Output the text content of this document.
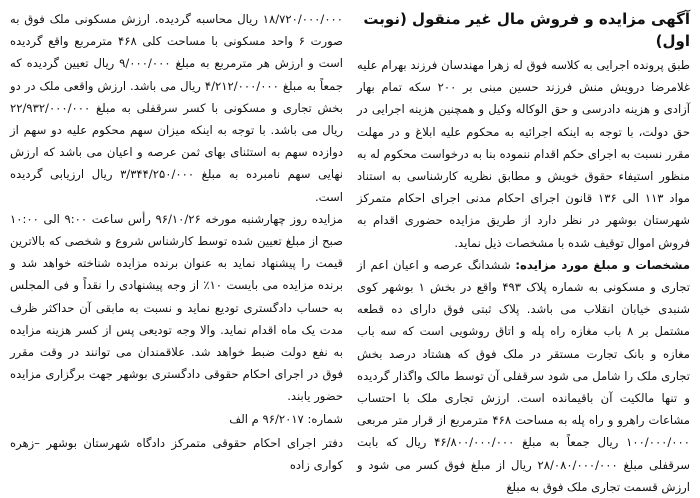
آگهی مزایده و فروش مال غیر منقول (نوبت اول)

طبق پرونده اجرایی به کلاسه فوق له زهرا مهندسان فرزند بهرام علیه غلامرضا درویش منش فرزند حسین مبنی بر ۲۰۰ سکه تمام بهار آزادی و هزینه دادرسی و حق الوکاله وکیل و همچنین هزینه اجرایی در حق دولت، با توجه به اینکه اجرائیه به محکوم علیه ابلاغ و در مهلت مقرر نسبت به اجرای حکم اقدام ننموده بنا به درخواست محکوم له به منظور استیفاء حقوق خویش و مطابق نظریه کارشناسی به استناد مواد ۱۱۳ الی ۱۳۶ قانون اجرای احکام مدنی اجرای احکام متمرکز شهرستان بوشهر در نظر دارد از طریق مزایده حضوری اقدام به فروش اموال توقیف شده با مشخصات ذیل نماید.

مشخصات و مبلغ مورد مزایده: ششدانگ عرصه و اعیان اعم از تجاری و مسکونی به شماره پلاک ۴۹۳ واقع در بخش ۱ بوشهر کوی شنبدی خیابان انقلاب می باشد. پلاک ثبتی فوق دارای ده قطعه مشتمل بر ۸ باب مغازه راه پله و اتاق روشویی است که سه باب مغازه و بانک تجارت مستقر در ملک فوق که هشتاد درصد بخش تجاری ملک را شامل می شود سرقفلی آن توسط مالک واگذار گردیده و تنها مالکیت آن باقیمانده است. ارزش تجاری ملک با احتساب مشاعات راهرو و راه پله به مساحت ۴۶۸ مترمربع از قرار متر مربعی ۱۰۰/۰۰۰/۰۰۰ ریال جمعاً به مبلغ ۴۶/۸۰۰/۰۰۰/۰۰۰ ریال که بابت سرقفلی مبلغ ۲۸/۰۸۰/۰۰۰/۰۰۰ ریال از مبلغ فوق کسر می شود و ارزش قسمت تجاری ملک فوق به مبلغ

۱۸/۷۲۰/۰۰۰/۰۰۰ ریال محاسبه گردیده. ارزش مسکونی ملک فوق به صورت ۶ واحد مسکونی با مساحت کلی ۴۶۸ مترمربع واقع گردیده است و ارزش هر مترمربع به مبلغ ۹/۰۰۰/۰۰۰ ریال تعیین گردیده که جمعاً به مبلغ ۴/۲۱۲/۰۰۰/۰۰۰ ریال می باشد. ارزش واقعی ملک در دو بخش تجاری و مسکونی با کسر سرقفلی به مبلغ ۲۲/۹۳۲/۰۰۰/۰۰۰ ریال می باشد. با توجه به اینکه میزان سهم محکوم علیه دو سهم از دوازده سهم به استثنای بهای ثمن عرصه و اعیان می باشد که ارزش نهایی سهم نامبرده به مبلغ ۳/۳۴۴/۲۵۰/۰۰۰ ریال ارزیابی گردیده است.

مزایده روز چهارشنبه مورخه ۹۶/۱۰/۲۶ رأس ساعت ۹:۰۰ الی ۱۰:۰۰ صبح از مبلغ تعیین شده توسط کارشناس شروع و شخصی که بالاترین قیمت را پیشنهاد نماید به عنوان برنده مزایده شناخته خواهد شد و برنده مزایده می بایست ۱۰٪ از وجه پیشنهادی را نقداً و فی المجلس به حساب دادگستری تودیع نماید و نسبت به مابقی آن حداکثر ظرف مدت یک ماه اقدام نماید. والا وجه تودیعی پس از کسر هزینه مزایده به نفع دولت ضبط خواهد شد. علاقمندان می توانند در وقت مقرر فوق در اجرای احکام حقوقی دادگستری بوشهر جهت برگزاری مزایده حضور یابند.

شماره: ۹۶/۲۰۱۷ م الف

دفتر اجرای احکام حقوقی متمرکز دادگاه شهرستان بوشهر –زهره کواری زاده
